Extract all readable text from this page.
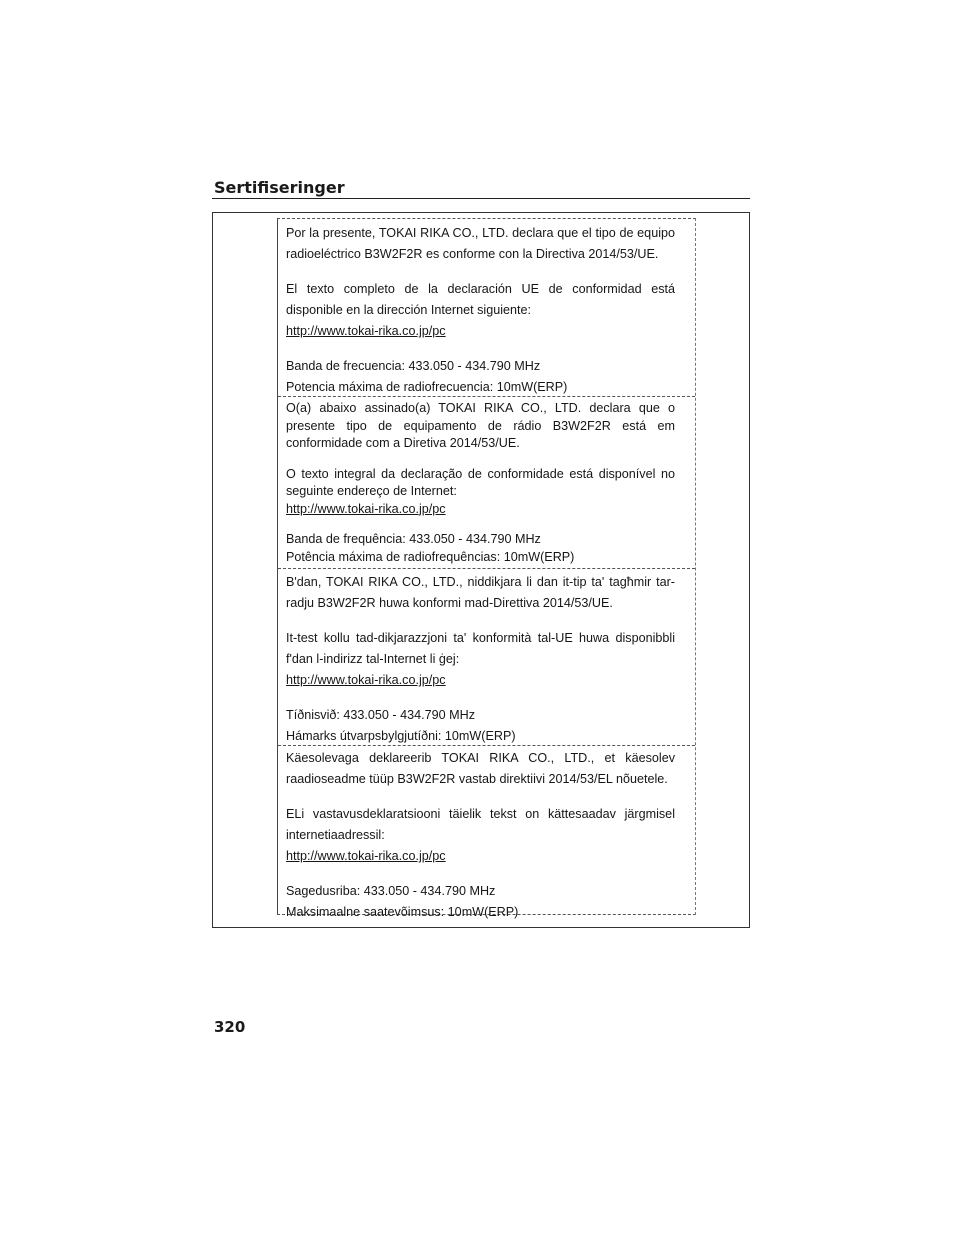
Sertifiseringer

Por la presente, TOKAI RIKA CO., LTD. declara que el tipo de equipo radioeléctrico B3W2F2R es conforme con la Directiva 2014/53/UE.

El texto completo de la declaración UE de conformidad está disponible en la dirección Internet siguiente:

http://www.tokai-rika.co.jp/pc

Banda de frecuencia: 433.050 - 434.790 MHz

Potencia máxima de radiofrecuencia: 10mW(ERP)

O(a) abaixo assinado(a) TOKAI RIKA CO., LTD. declara que o presente tipo de equipamento de rádio B3W2F2R está em conformidade com a Diretiva 2014/53/UE.

O texto integral da declaração de conformidade está disponível no seguinte endereço de Internet:

http://www.tokai-rika.co.jp/pc

Banda de frequência: 433.050 - 434.790 MHz

Potência máxima de radiofrequências: 10mW(ERP)

B'dan, TOKAI RIKA CO., LTD., niddikjara li dan it-tip ta' tagħmir tar-radju B3W2F2R huwa konformi mad-Direttiva 2014/53/UE.

It-test kollu tad-dikjarazzjoni ta' konformità tal-UE huwa disponibbli f'dan l-indirizz tal-Internet li ġej:

http://www.tokai-rika.co.jp/pc

Tíðnisvið: 433.050 - 434.790 MHz

Hámarks útvarpsbylgjutíðni: 10mW(ERP)

Käesolevaga deklareerib TOKAI RIKA CO., LTD., et käesolev raadioseadme tüüp B3W2F2R vastab direktiivi 2014/53/EL nõuetele.

ELi vastavusdeklaratsiooni täielik tekst on kättesaadav järgmisel internetiaadressil:

http://www.tokai-rika.co.jp/pc

Sagedusriba: 433.050 - 434.790 MHz

Maksimaalne saatevõimsus: 10mW(ERP)

320
